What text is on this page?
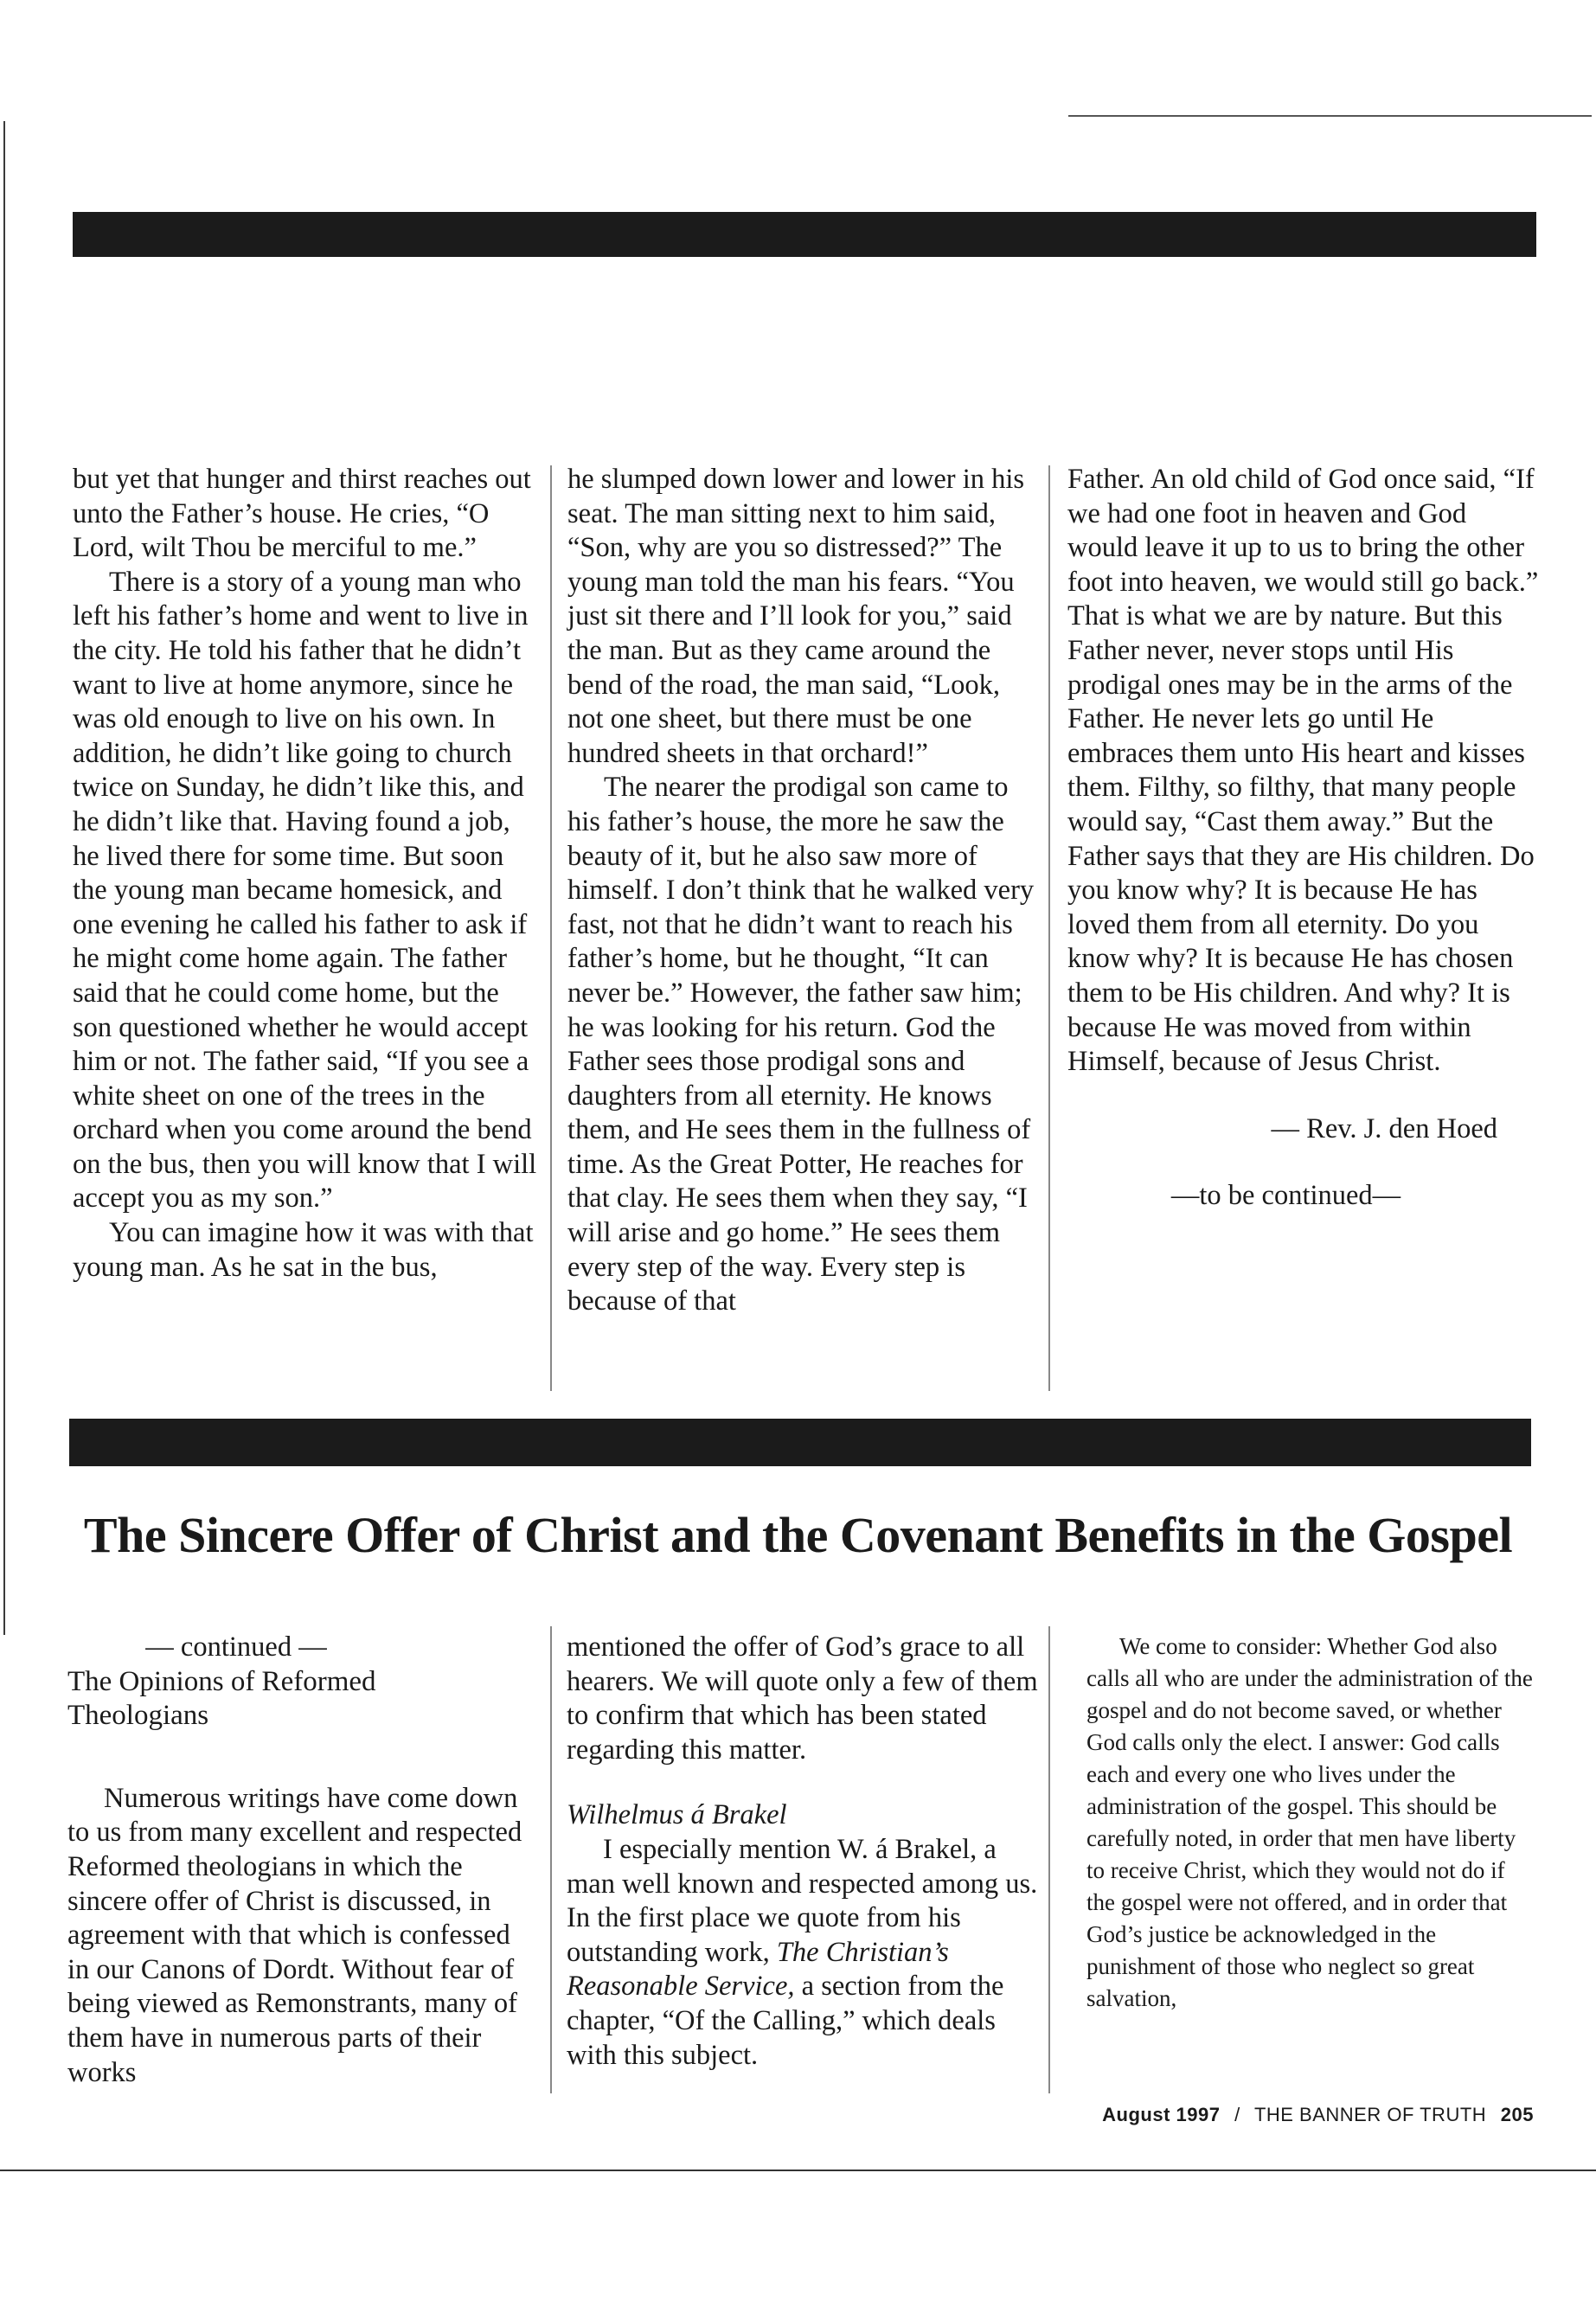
but yet that hunger and thirst reaches out unto the Father’s house. He cries, “O Lord, wilt Thou be merciful to me.”

There is a story of a young man who left his father’s home and went to live in the city. He told his father that he didn’t want to live at home anymore, since he was old enough to live on his own. In addition, he didn’t like going to church twice on Sunday, he didn’t like this, and he didn’t like that. Having found a job, he lived there for some time. But soon the young man became homesick, and one evening he called his father to ask if he might come home again. The father said that he could come home, but the son questioned whether he would accept him or not. The father said, “If you see a white sheet on one of the trees in the orchard when you come around the bend on the bus, then you will know that I will accept you as my son.”

You can imagine how it was with that young man. As he sat in the bus,

he slumped down lower and lower in his seat. The man sitting next to him said, “Son, why are you so distressed?” The young man told the man his fears. “You just sit there and I’ll look for you,” said the man. But as they came around the bend of the road, the man said, “Look, not one sheet, but there must be one hundred sheets in that orchard!”

The nearer the prodigal son came to his father’s house, the more he saw the beauty of it, but he also saw more of himself. I don’t think that he walked very fast, not that he didn’t want to reach his father’s home, but he thought, “It can never be.” However, the father saw him; he was looking for his return. God the Father sees those prodigal sons and daughters from all eternity. He knows them, and He sees them in the fullness of time. As the Great Potter, He reaches for that clay. He sees them when they say, “I will arise and go home.” He sees them every step of the way. Every step is because of that

Father. An old child of God once said, “If we had one foot in heaven and God would leave it up to us to bring the other foot into heaven, we would still go back.” That is what we are by nature. But this Father never, never stops until His prodigal ones may be in the arms of the Father. He never lets go until He embraces them unto His heart and kisses them. Filthy, so filthy, that many people would say, “Cast them away.” But the Father says that they are His children. Do you know why? It is because He has loved them from all eternity. Do you know why? It is because He has chosen them to be His children. And why? It is because He was moved from within Himself, because of Jesus Christ.

— Rev. J. den Hoed

—to be continued—

The Sincere Offer of Christ and the Covenant Benefits in the Gospel

— continued —

The Opinions of Reformed Theologians

Numerous writings have come down to us from many excellent and respected Reformed theologians in which the sincere offer of Christ is discussed, in agreement with that which is confessed in our Canons of Dordt. Without fear of being viewed as Remonstrants, many of them have in numerous parts of their works

mentioned the offer of God’s grace to all hearers. We will quote only a few of them to confirm that which has been stated regarding this matter.

Wilhelmus á Brakel

I especially mention W. á Brakel, a man well known and respected among us. In the first place we quote from his outstanding work, The Christian’s Reasonable Service, a section from the chapter, “Of the Calling,” which deals with this subject.

We come to consider: Whether God also calls all who are under the administration of the gospel and do not become saved, or whether God calls only the elect. I answer: God calls each and every one who lives under the administration of the gospel. This should be carefully noted, in order that men have liberty to receive Christ, which they would not do if the gospel were not offered, and in order that God’s justice be acknowledged in the punishment of those who neglect so great salvation,

August 1997 / THE BANNER OF TRUTH 205
